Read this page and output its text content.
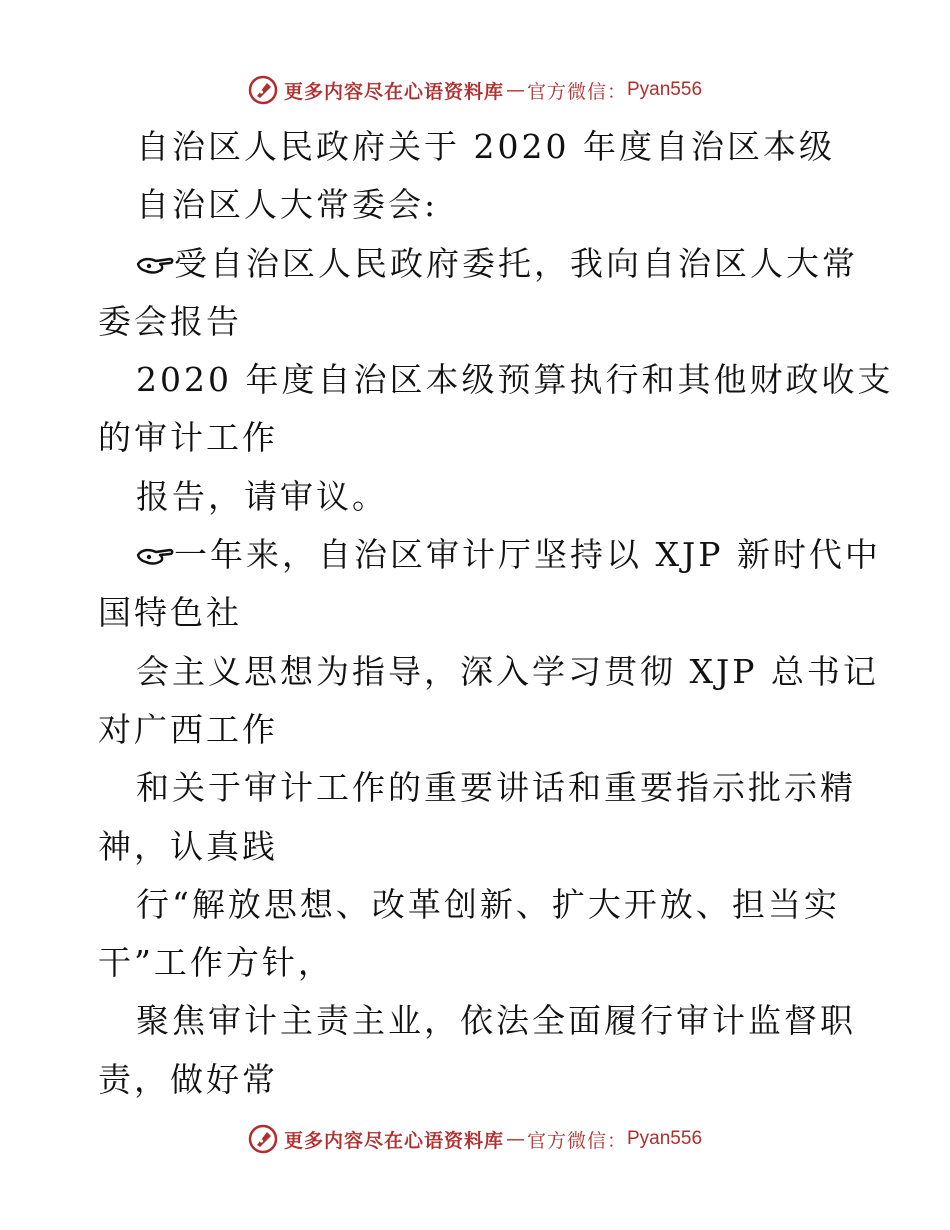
更多内容尽在心语资料库 — 官方微信： Pyan556
自治区人民政府关于 2020 年度自治区本级
自治区人大常委会:
受自治区人民政府委托，我向自治区人大常
委会报告
2020 年度自治区本级预算执行和其他财政收支
的审计工作
报告，请审议。
一年来，自治区审计厅坚持以 XJP 新时代中
国特色社
会主义思想为指导，深入学习贯彻 XJP 总书记
对广西工作
和关于审计工作的重要讲话和重要指示批示精
神，认真践
行“解放思想、改革创新、扩大开放、担当实
干”工作方针，
聚焦审计主责主业，依法全面履行审计监督职
责，做好常
更多内容尽在心语资料库 — 官方微信： Pyan556
